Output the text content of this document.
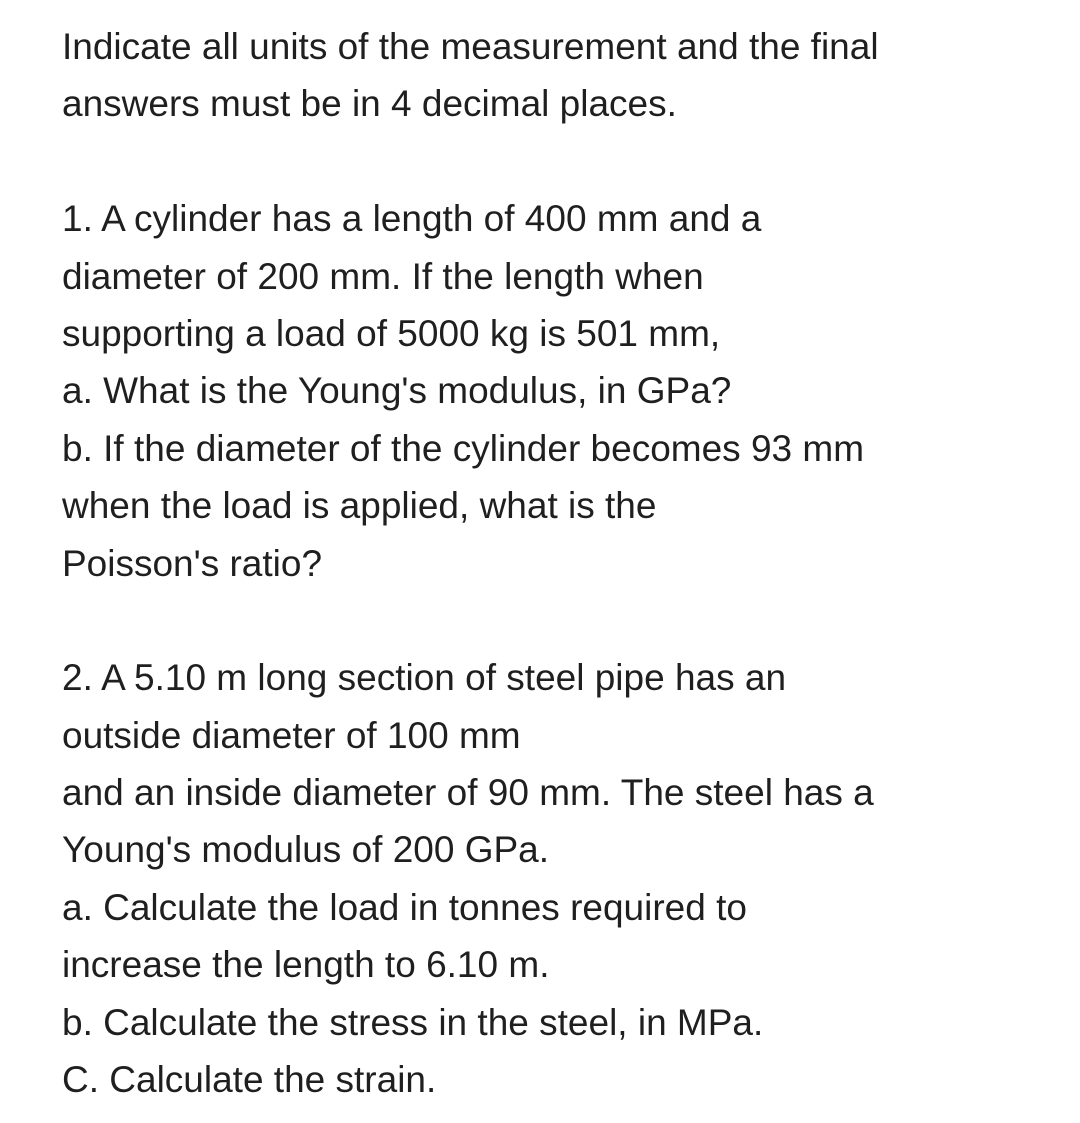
Indicate all units of the measurement and the final
answers must be in 4 decimal places.
1. A cylinder has a length of 400 mm and a
diameter of 200 mm. If the length when
supporting a load of 5000 kg is 501 mm,
a. What is the Young's modulus, in GPa?
b. If the diameter of the cylinder becomes 93 mm
when the load is applied, what is the
Poisson's ratio?
2. A 5.10 m long section of steel pipe has an
outside diameter of 100 mm
and an inside diameter of 90 mm. The steel has a
Young's modulus of 200 GPa.
a. Calculate the load in tonnes required to
increase the length to 6.10 m.
b. Calculate the stress in the steel, in MPa.
C. Calculate the strain.
